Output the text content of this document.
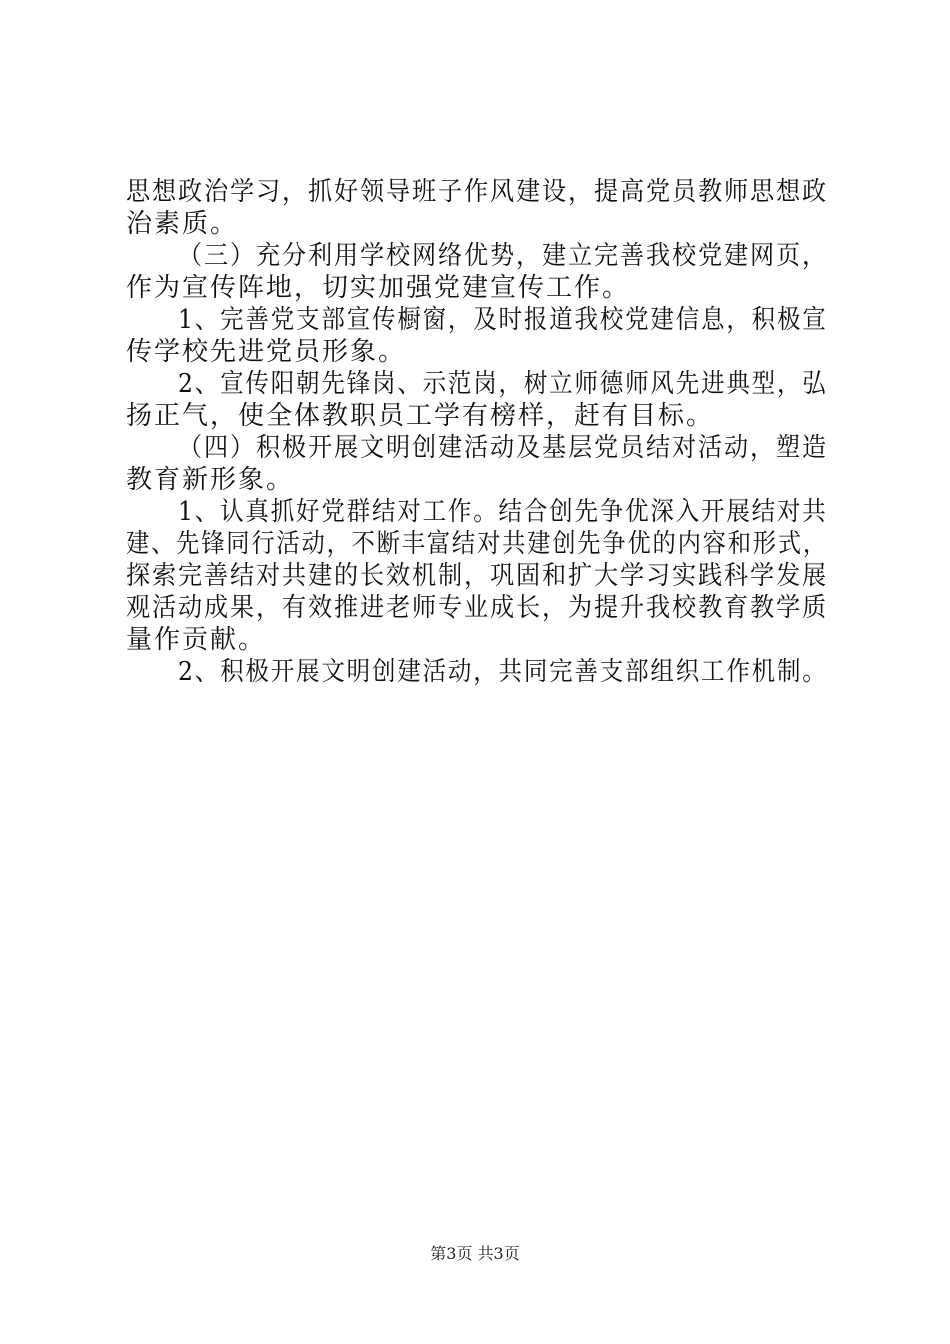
思想政治学习，抓好领导班子作风建设，提高党员教师思想政
治素质。
（三）充分利用学校网络优势，建立完善我校党建网页，
作为宣传阵地，切实加强党建宣传工作。
1、完善党支部宣传橱窗，及时报道我校党建信息，积极宣
传学校先进党员形象。
2、宣传阳朝先锋岗、示范岗，树立师德师风先进典型，弘
扬正气，使全体教职员工学有榜样，赶有目标。
（四）积极开展文明创建活动及基层党员结对活动，塑造
教育新形象。
1、认真抓好党群结对工作。结合创先争优深入开展结对共
建、先锋同行活动，不断丰富结对共建创先争优的内容和形式，
探索完善结对共建的长效机制，巩固和扩大学习实践科学发展
观活动成果，有效推进老师专业成长，为提升我校教育教学质
量作贡献。
2、积极开展文明创建活动，共同完善支部组织工作机制。
第3页 共3页
